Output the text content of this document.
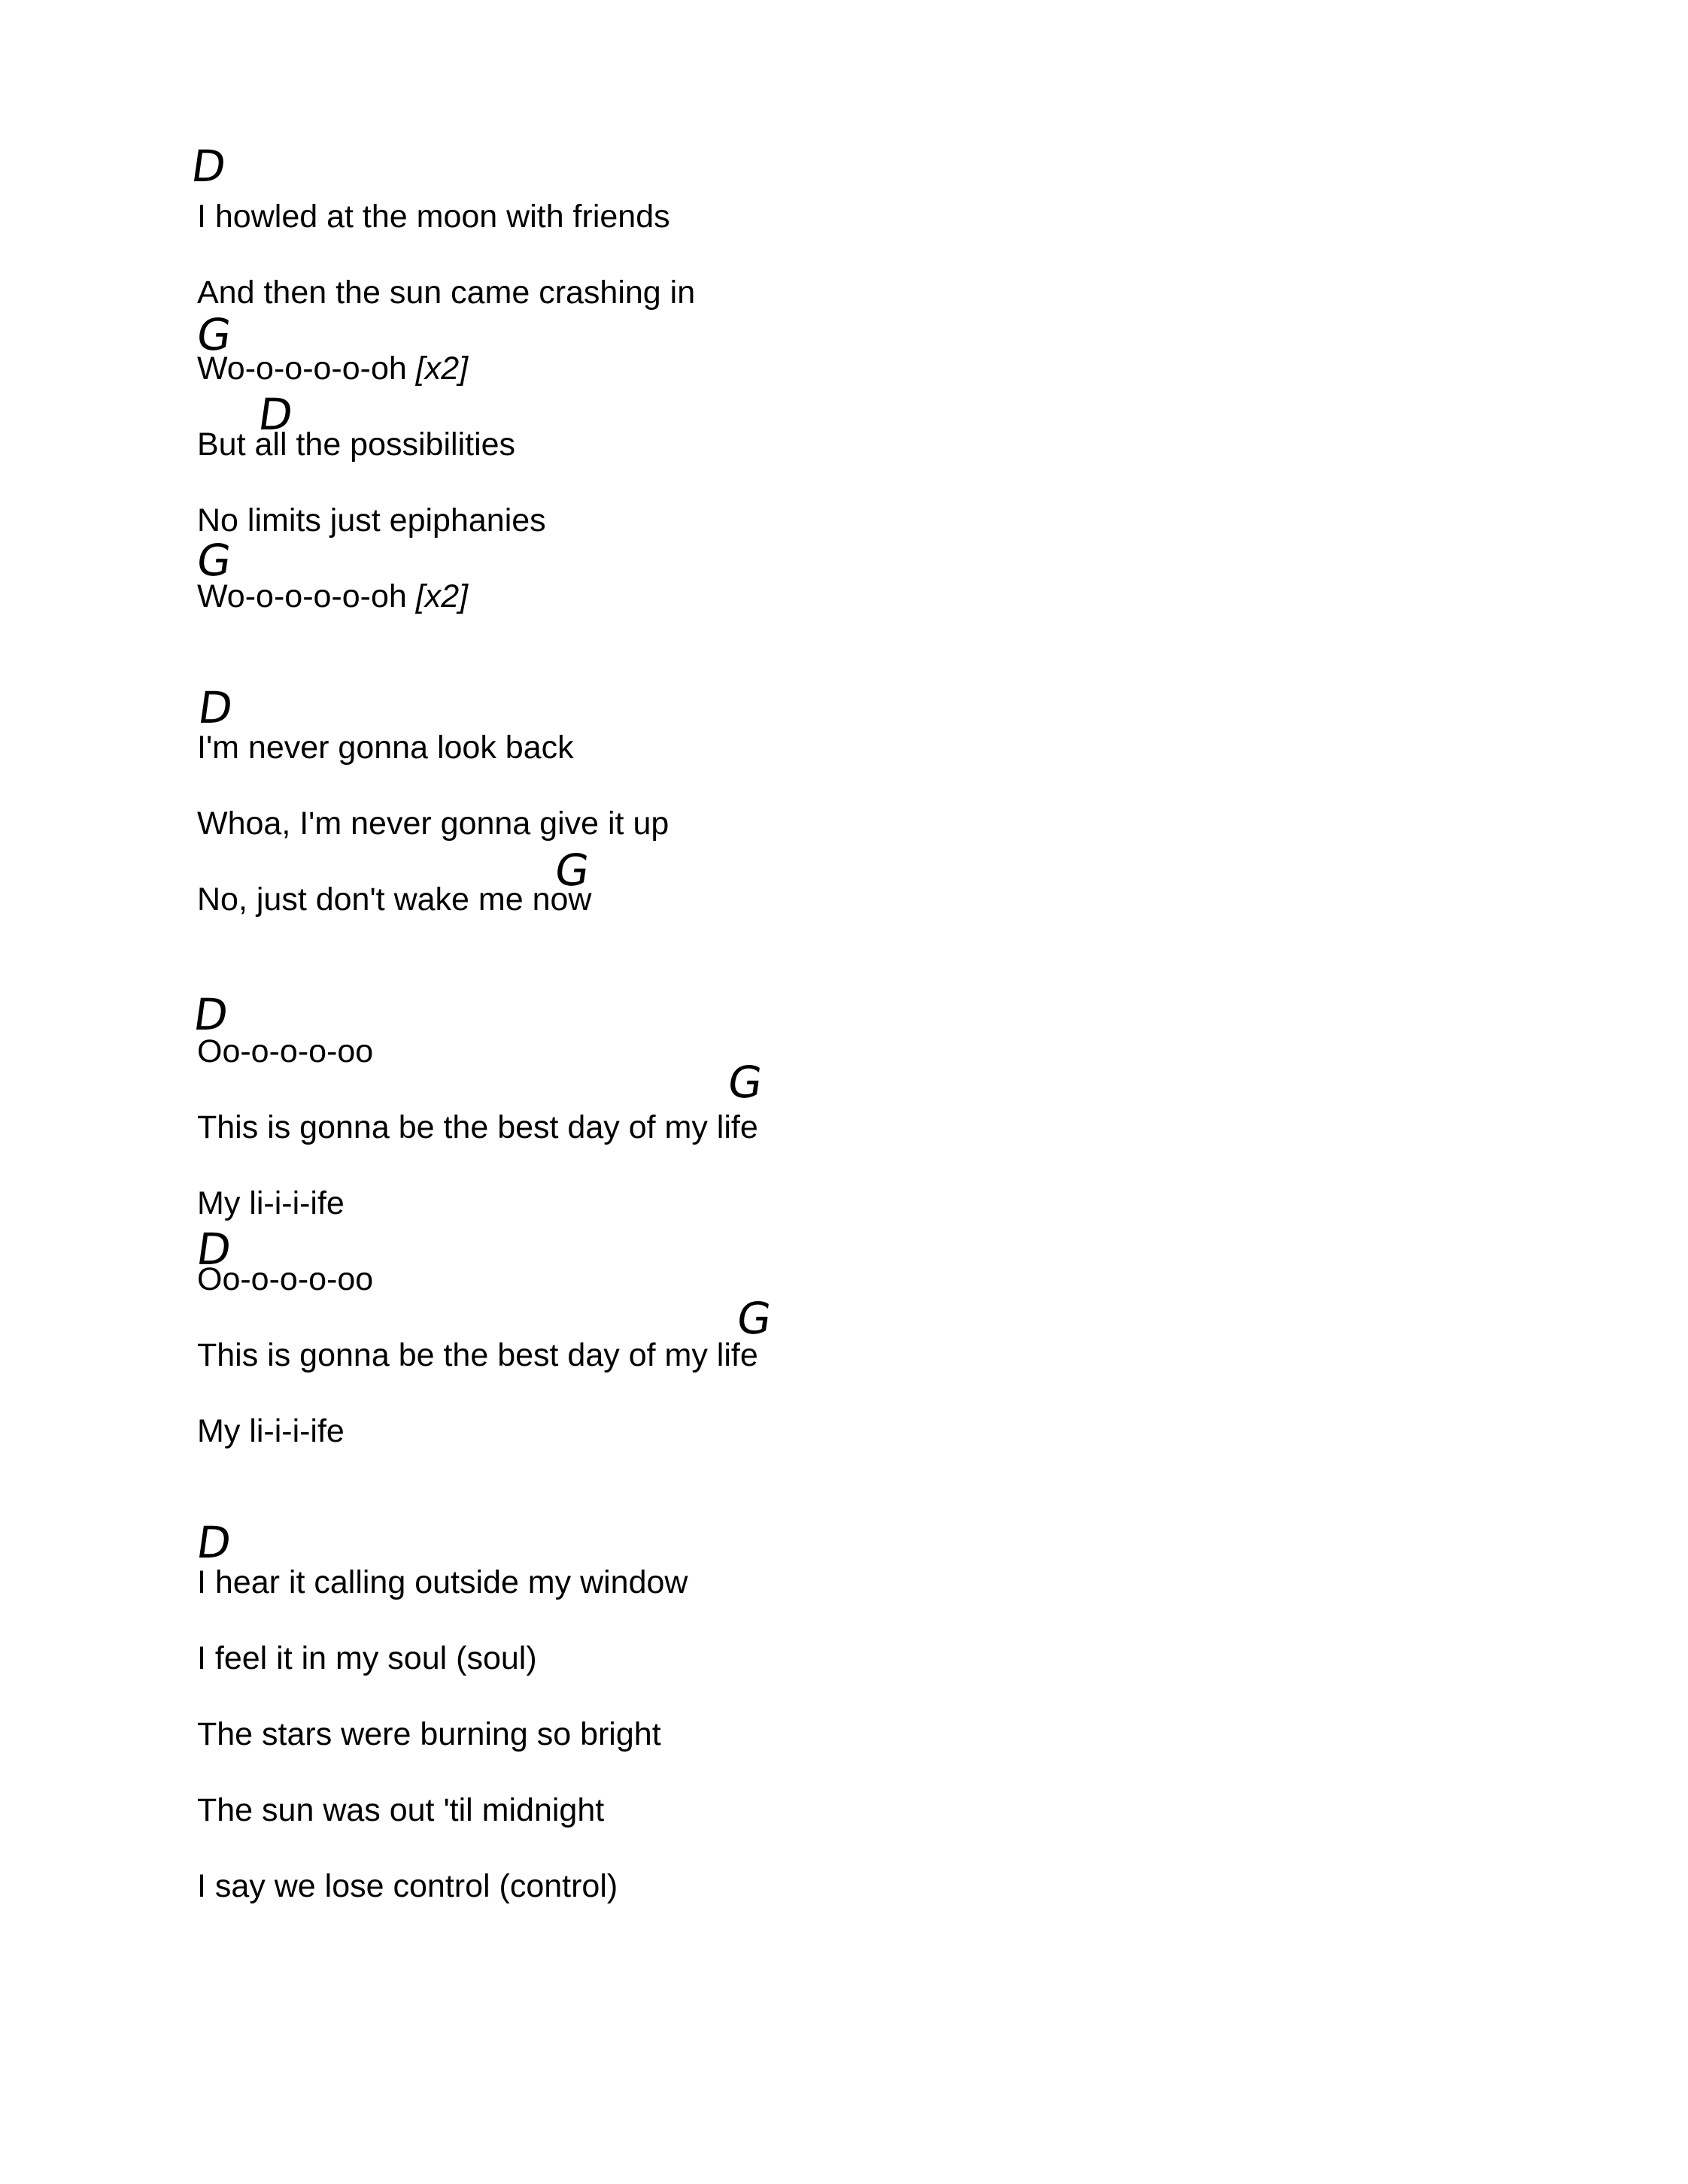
D
G
D
G
D
G
D
G
D
G
D
I howled at the moon with friends
And then the sun came crashing in
Wo-o-o-o-o-oh [x2]
But all the possibilities
No limits just epiphanies
Wo-o-o-o-o-oh [x2]
I'm never gonna look back
Whoa, I'm never gonna give it up
No, just don't wake me now
Oo-o-o-o-oo
This is gonna be the best day of my life
My li-i-i-ife
Oo-o-o-o-oo
This is gonna be the best day of my life
My li-i-i-ife
I hear it calling outside my window
I feel it in my soul (soul)
The stars were burning so bright
The sun was out 'til midnight
I say we lose control (control)
